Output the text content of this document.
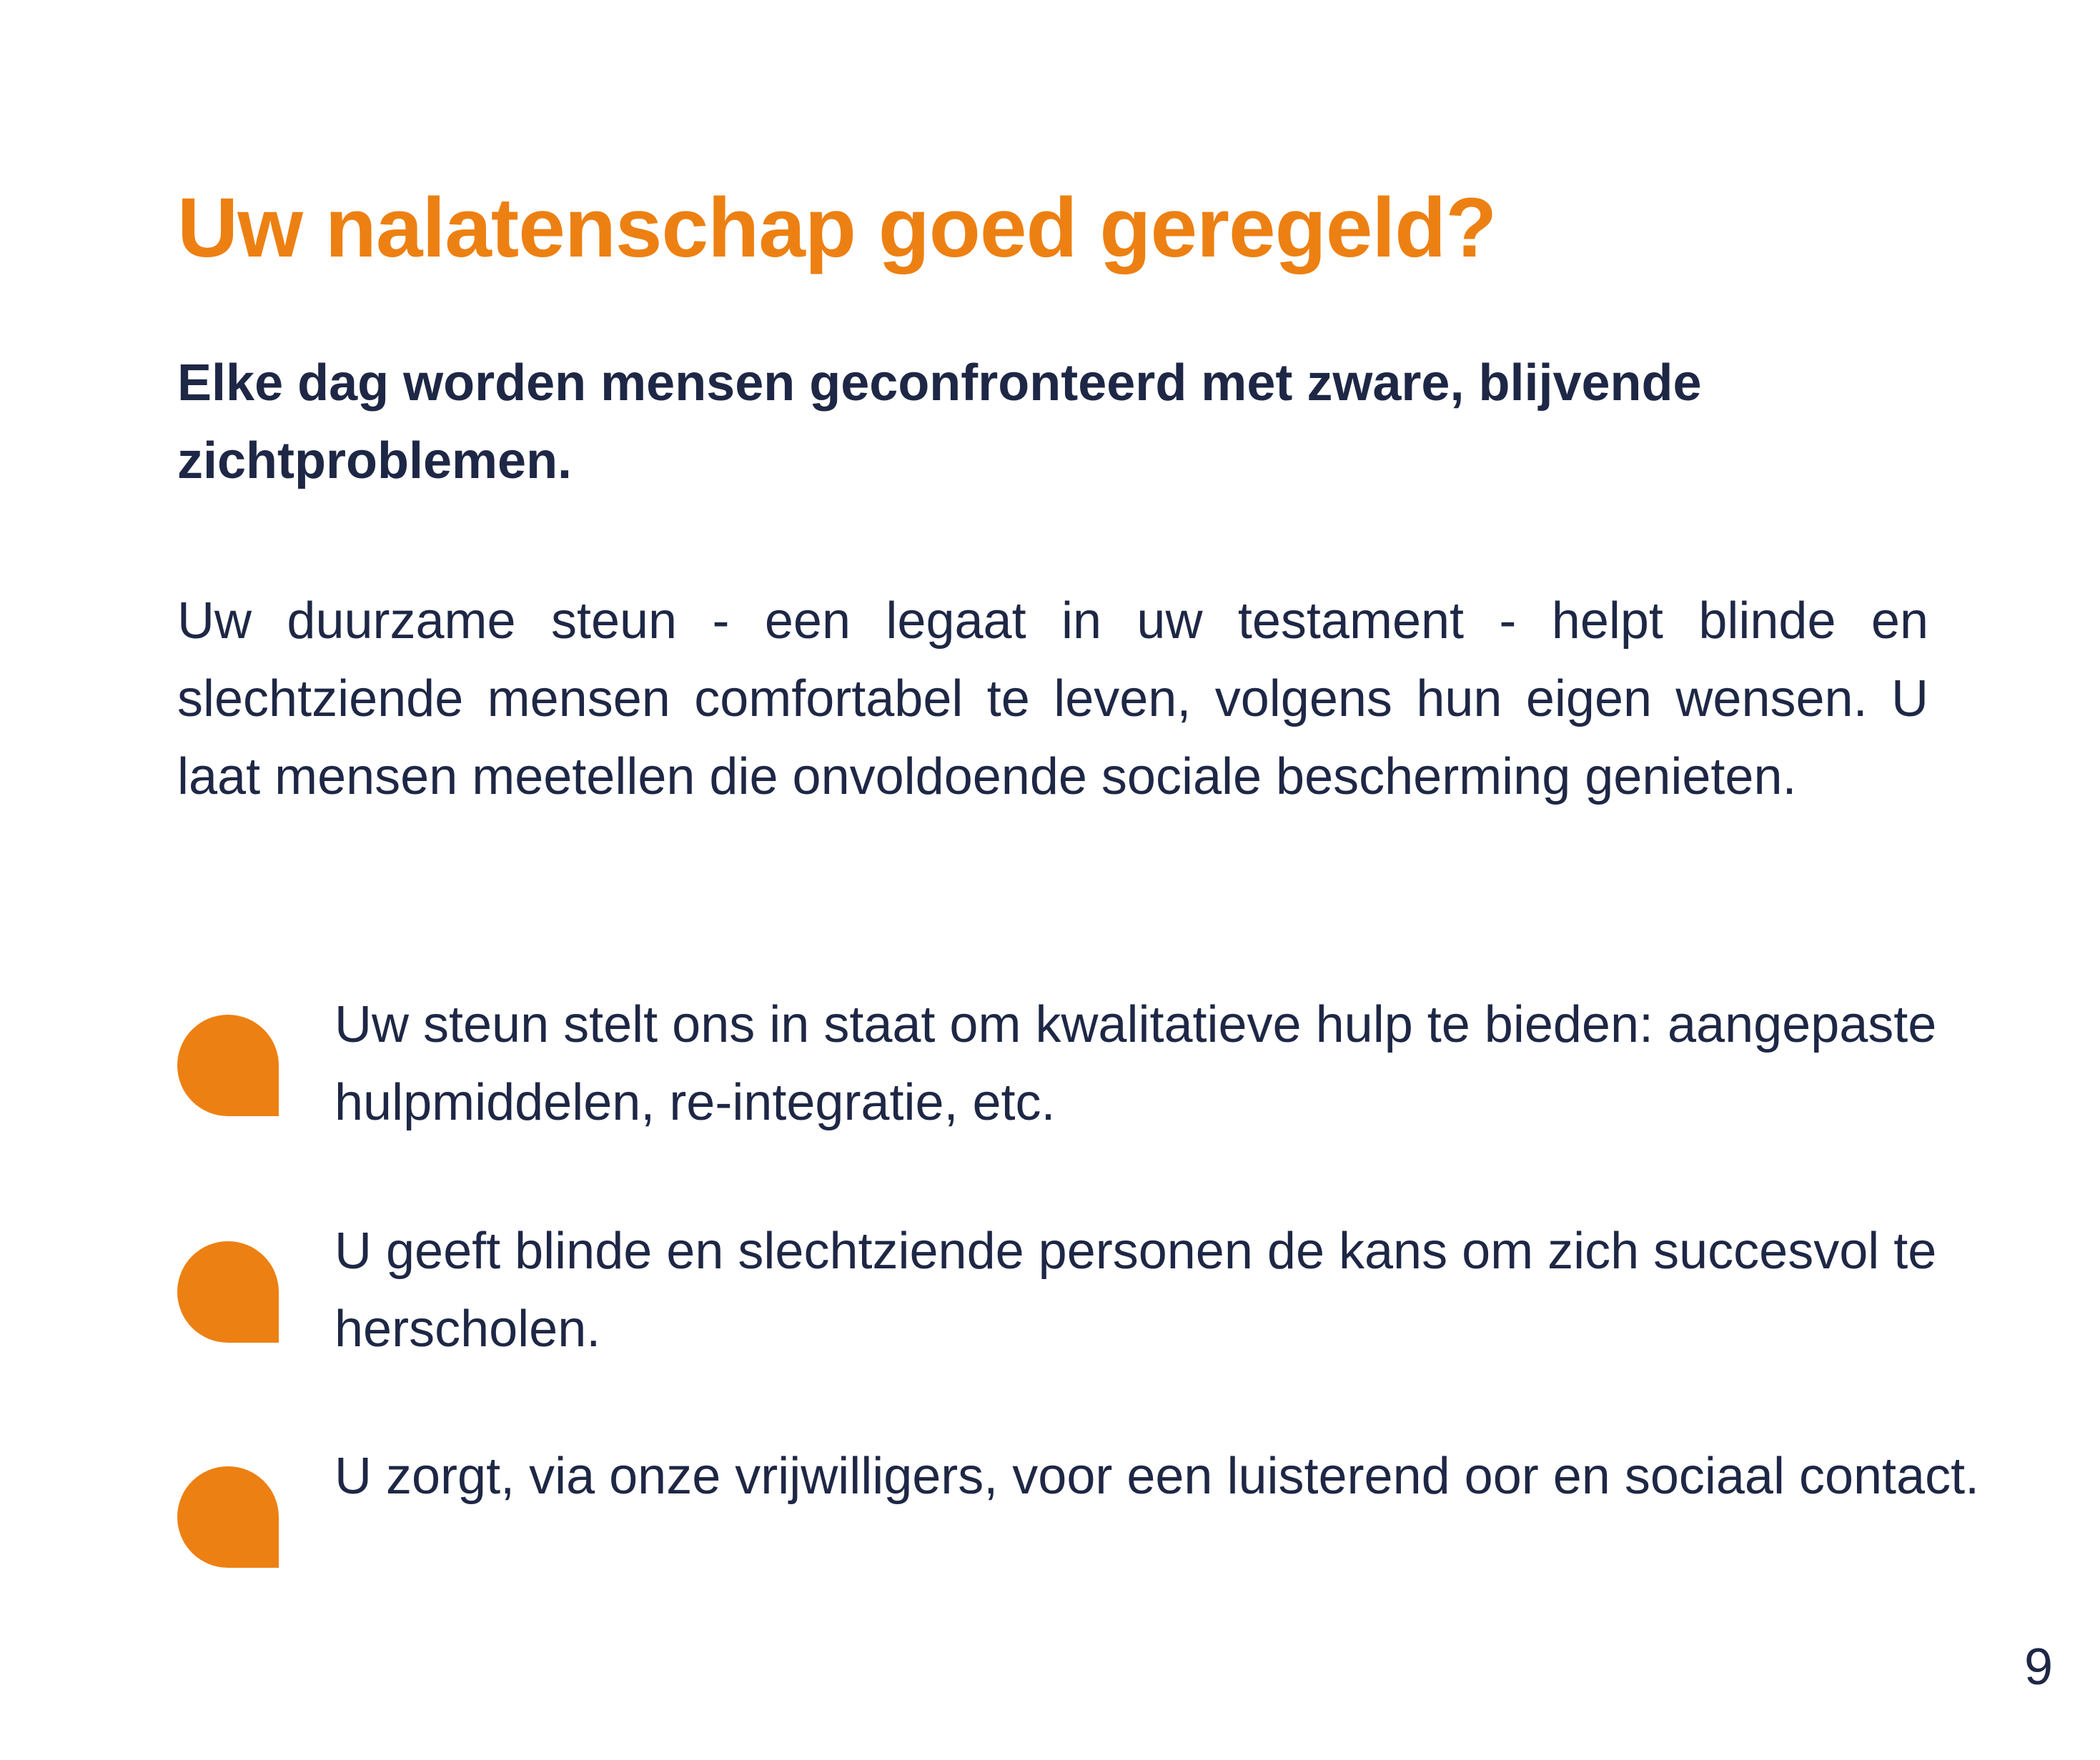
Uw nalatenschap goed geregeld?

Elke dag worden mensen geconfronteerd met zware, blijvende zichtproblemen.

Uw duurzame steun - een legaat in uw testament - helpt blinde en slechtziende mensen comfortabel te leven, volgens hun eigen wensen. U laat mensen meetellen die onvoldoende sociale bescherming genieten.

Uw steun stelt ons in staat om kwalitatieve hulp te bieden: aangepaste hulpmiddelen, re-integratie, etc.

U geeft blinde en slechtziende personen de kans om zich succesvol te herscholen.

U zorgt, via onze vrijwilligers, voor een luisterend oor en sociaal contact.

9
